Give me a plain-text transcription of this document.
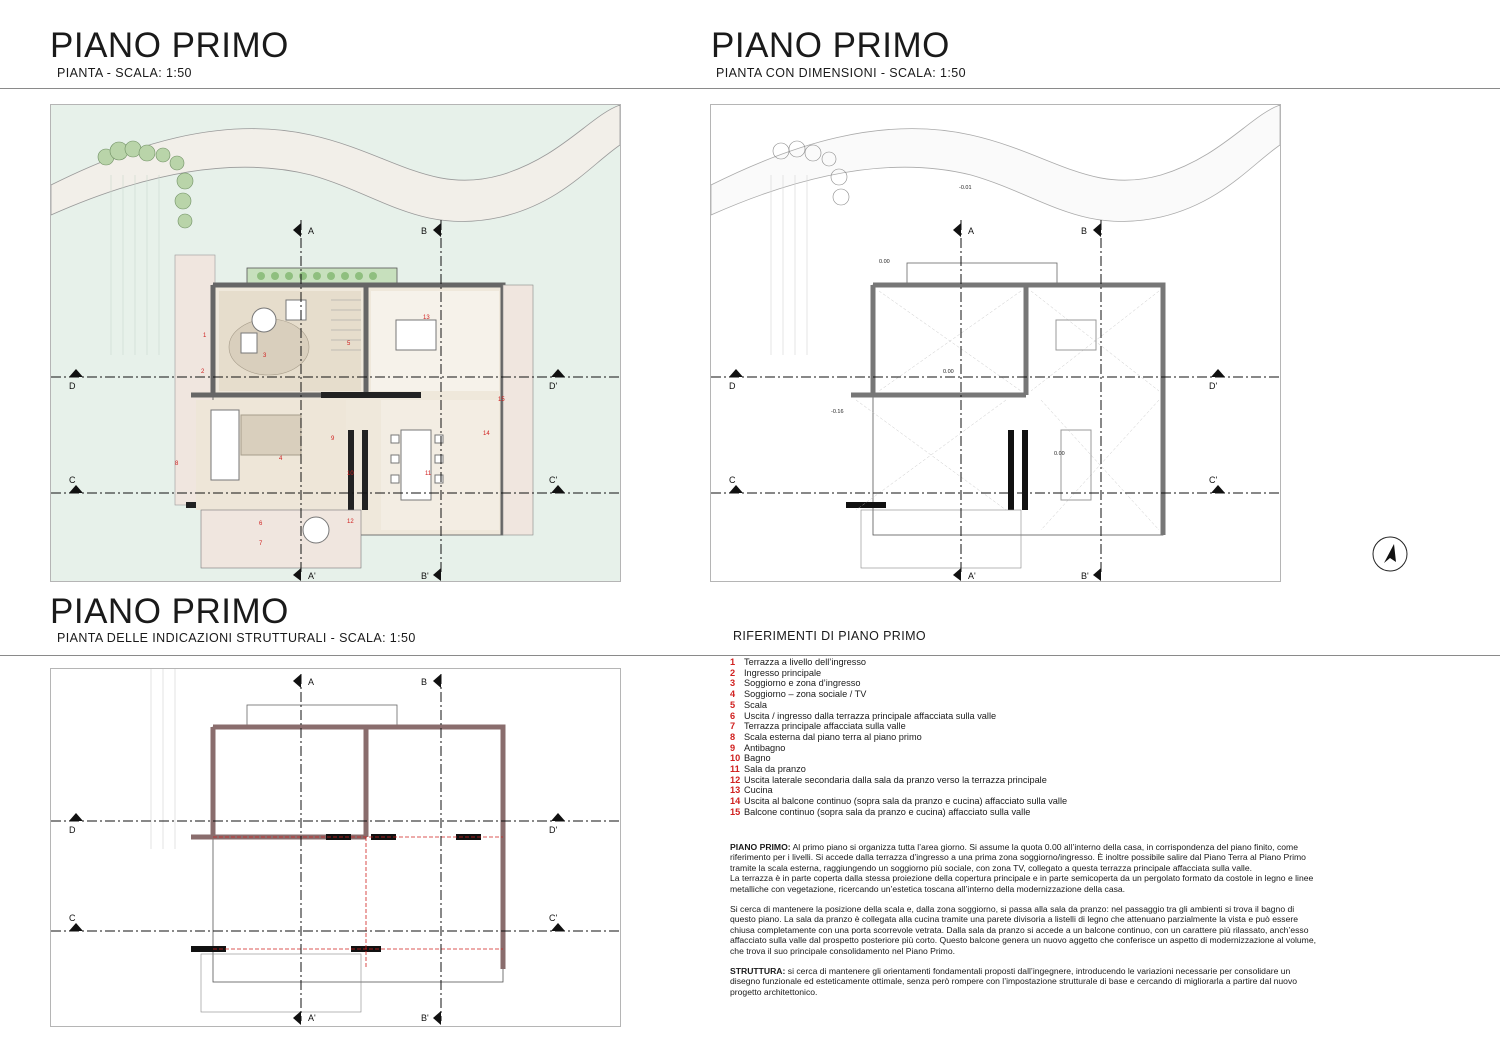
PIANO PRIMO
PIANTA - SCALA: 1:50
PIANO PRIMO
PIANTA CON DIMENSIONI - SCALA: 1:50
PIANO PRIMO
PIANTA DELLE INDICAZIONI STRUTTURALI - SCALA: 1:50	RIFERIMENTI DI PIANO PRIMO
A	B
A'	B'
D	D'
C	C'
1
2
3
4
5
6
7
8
9
10	11
12
13
14
15
A	B
A'	B'
D	D'
C	C'
0.00
0.00
-0.16
-0.01
0.00
A	B
A'	B'
D	D'
C	C'
1 Terrazza a livello dell’ingresso
2 Ingresso principale
3 Soggiorno e zona d’ingresso
4 Soggiorno – zona sociale / TV
5 Scala
6 Uscita / ingresso dalla terrazza principale affacciata sulla valle
7 Terrazza principale affacciata sulla valle
8 Scala esterna dal piano terra al piano primo
9 Antibagno
10 Bagno
11 Sala da pranzo
12 Uscita laterale secondaria dalla sala da pranzo verso la terrazza principale
13 Cucina
14 Uscita al balcone continuo (sopra sala da pranzo e cucina) affacciato sulla valle
15 Balcone continuo (sopra sala da pranzo e cucina) affacciato sulla valle

PIANO PRIMO: Al primo piano si organizza tutta l’area giorno. Si assume la quota 0.00 all’interno della casa, in corrispondenza del piano finito, come riferimento per i livelli. Si accede dalla terrazza d’ingresso a una prima zona soggiorno/ingresso. È inoltre possibile salire dal Piano Terra al Piano Primo tramite la scala esterna, raggiungendo un soggiorno più sociale, con zona TV, collegato a questa terrazza principale affacciata sulla valle.
La terrazza è in parte coperta dalla stessa proiezione della copertura principale e in parte semicoperta da un pergolato formato da costole in legno e linee metalliche con vegetazione, ricercando un’estetica toscana all’interno della modernizzazione della casa.

Si cerca di mantenere la posizione della scala e, dalla zona soggiorno, si passa alla sala da pranzo: nel passaggio tra gli ambienti si trova il bagno di questo piano. La sala da pranzo è collegata alla cucina tramite una parete divisoria a listelli di legno che attenuano parzialmente la vista e può essere chiusa completamente con una porta scorrevole vetrata. Dalla sala da pranzo si accede a un balcone continuo, con un carattere più rilassato, anch’esso affacciato sulla valle dal prospetto posteriore più corto. Questo balcone genera un nuovo aggetto che conferisce un aspetto di modernizzazione al volume, che trova il suo principale consolidamento nel Piano Primo.

STRUTTURA: si cerca di mantenere gli orientamenti fondamentali proposti dall’ingegnere, introducendo le variazioni necessarie per consolidare un disegno funzionale ed esteticamente ottimale, senza però rompere con l’impostazione strutturale di base e cercando di migliorarla a partire dal nuovo progetto architettonico.
